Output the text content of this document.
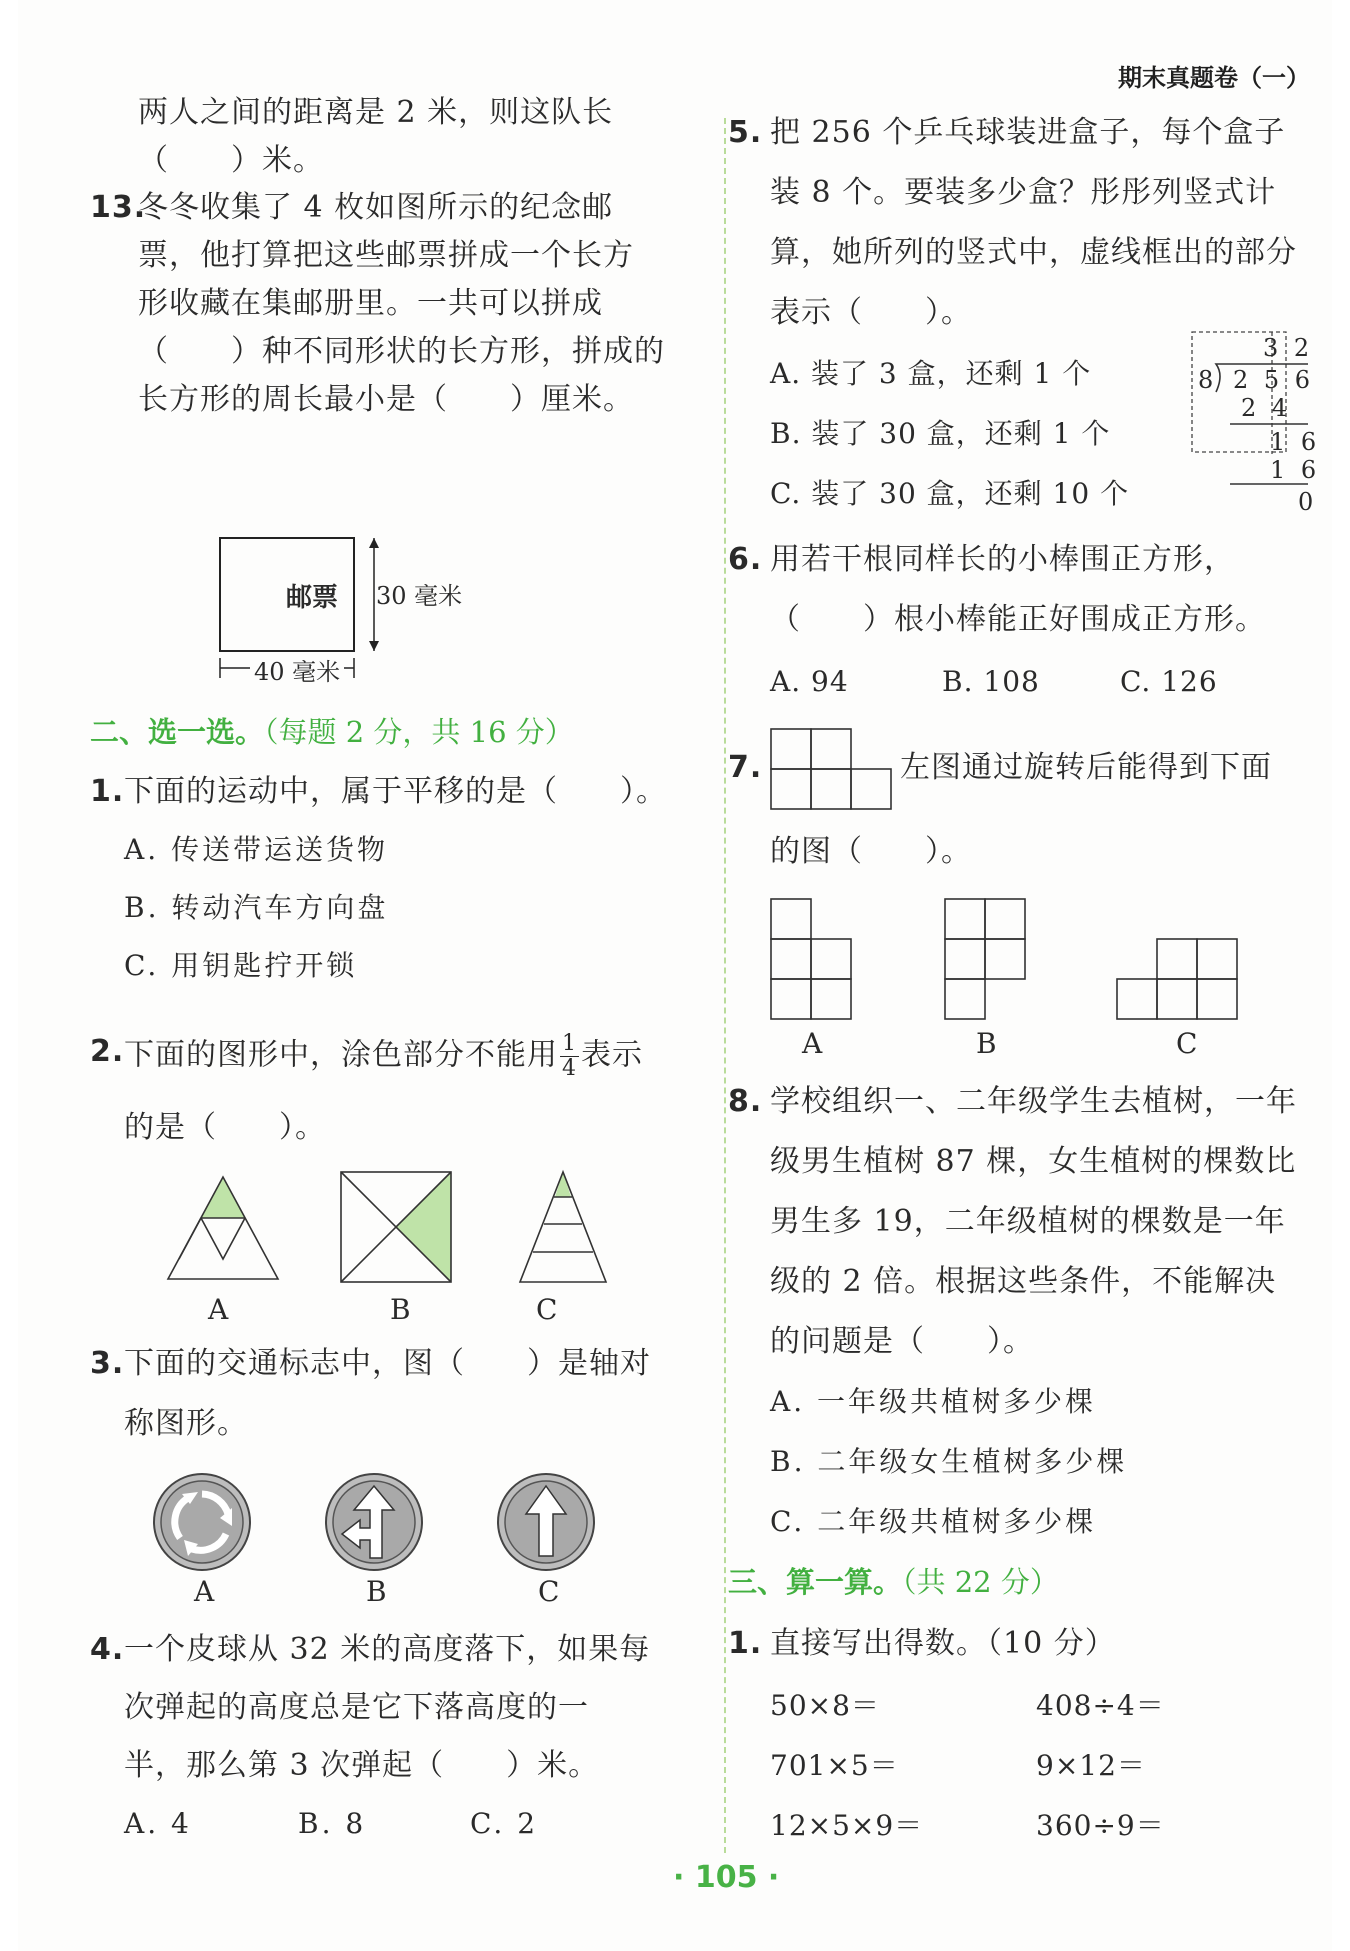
期末真题卷（一）
两人之间的距离是 2 米，则这队长
（　　）米。
13.
冬冬收集了 4 枚如图所示的纪念邮
票，他打算把这些邮票拼成一个长方
形收藏在集邮册里。一共可以拼成
（　　）种不同形状的长方形，拼成的
长方形的周长最小是（　　）厘米。
邮票 30 毫米
40 毫米
二、选一选。（每题 2 分，共 16 分）
1. 下面的运动中，属于平移的是（　　）。
A. 传送带运送货物
B. 转动汽车方向盘
C. 用钥匙拧开锁
2. 下面的图形中，涂色部分不能用 $\frac{1}{4}$ 表示
的是（　　）。
A	B	C
3. 下面的交通标志中，图（　　）是轴对
称图形。
A	B	C
4. 一个皮球从 32 米的高度落下，如果每
次弹起的高度总是它下落高度的一
半，那么第 3 次弹起（　　）米。
A. 4	B. 8	C. 2
5. 把 256 个乒乓球装进盒子，每个盒子
装 8 个。要装多少盒？彤彤列竖式计
算，她所列的竖式中，虚线框出的部分
表示（　　）。
A. 装了 3 盒，还剩 1 个
B. 装了 30 盒，还剩 1 个
C. 装了 30 盒，还剩 10 个
3 2
8 2 5 6
2 4
1 6
1 6
0
6. 用若干根同样长的小棒围正方形，
（　　）根小棒能正好围成正方形。
A. 94	B. 108	C. 126
7.	左图通过旋转后能得到下面
的图（　　）。
A	B	C
8. 学校组织一、二年级学生去植树，一年
级男生植树 87 棵，女生植树的棵数比
男生多 19，二年级植树的棵数是一年
级的 2 倍。根据这些条件，不能解决
的问题是（　　）。
A. 一年级共植树多少棵
B. 二年级女生植树多少棵
C. 二年级共植树多少棵
三、算一算。（共 22 分）
1. 直接写出得数。（10 分）
50×8＝	408÷4＝
701×5＝	9×12＝
12×5×9＝	360÷9＝
· 105 ·
